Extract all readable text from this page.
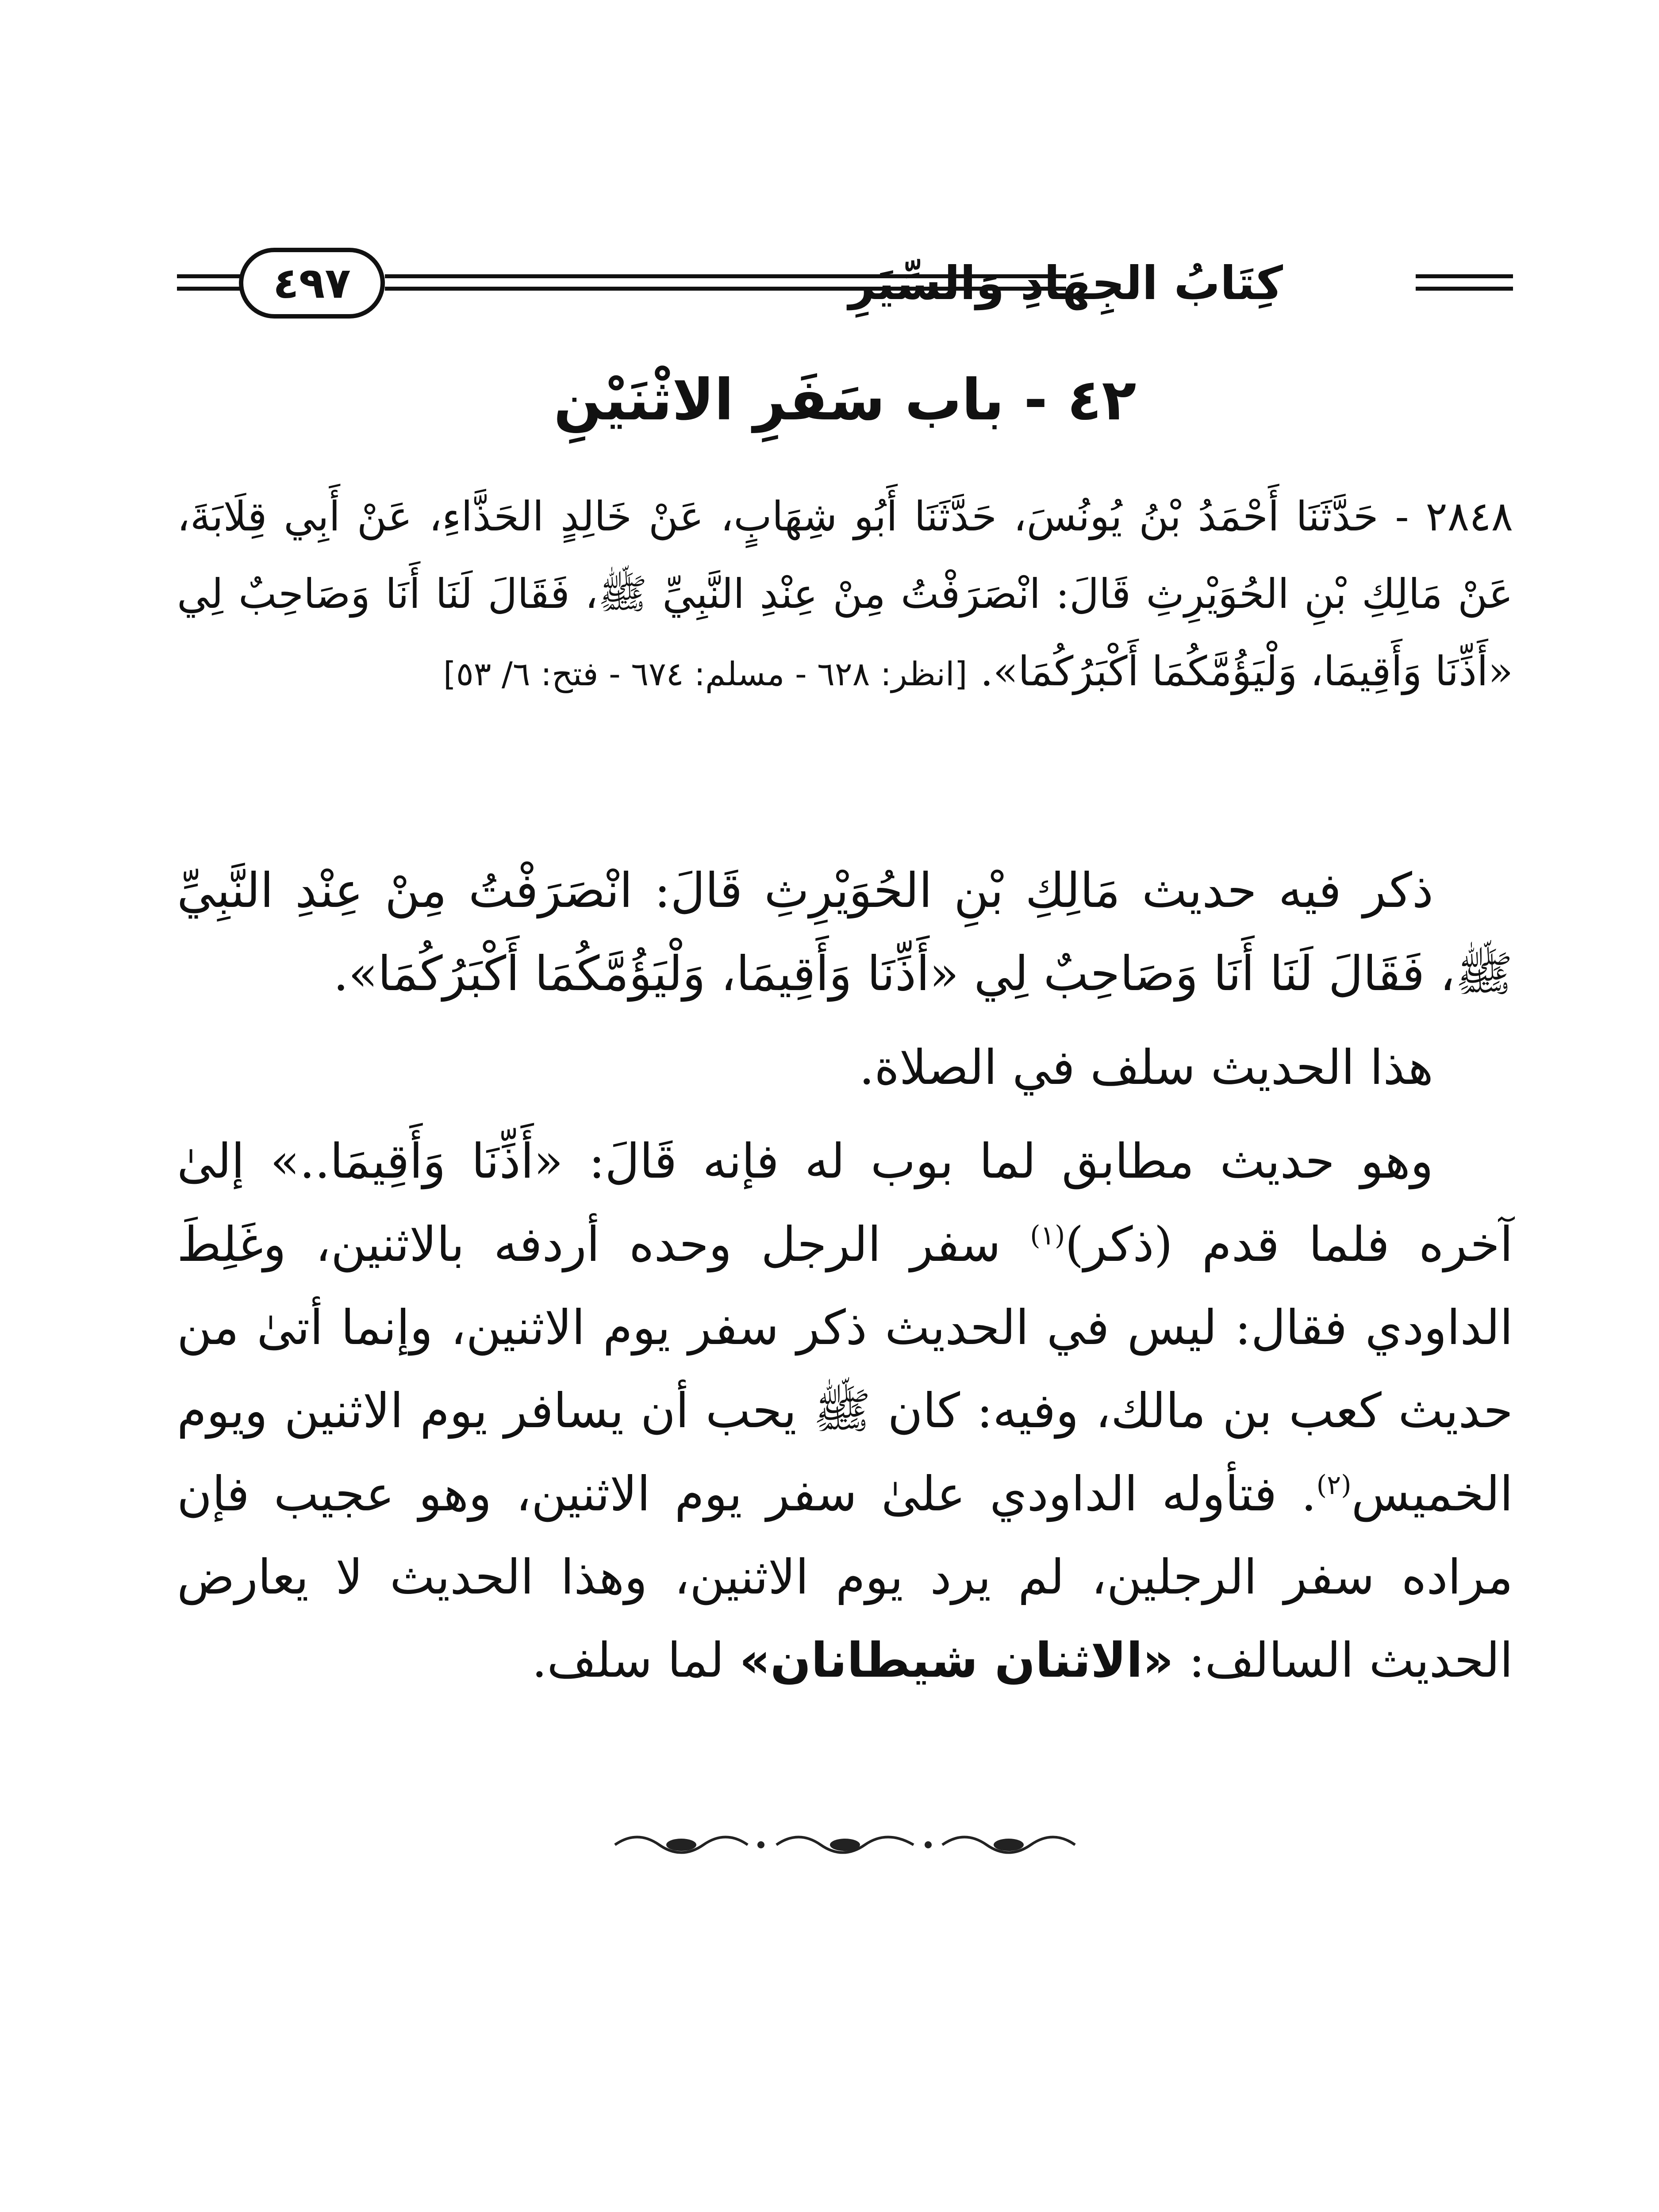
كِتَابُ الجِهَادِ وَالسِّيَرِ
٤٩٧
٤٢ - باب سَفَرِ الاثْنَيْنِ
٢٨٤٨ - حَدَّثَنَا أَحْمَدُ بْنُ يُونُسَ، حَدَّثَنَا أَبُو شِهَابٍ، عَنْ خَالِدٍ الحَذَّاءِ، عَنْ أَبِي قِلَابَةَ، عَنْ مَالِكِ بْنِ الحُوَيْرِثِ قَالَ: انْصَرَفْتُ مِنْ عِنْدِ النَّبِيِّ ﷺ، فَقَالَ لَنَا أَنَا وَصَاحِبٌ لِي «أَذِّنَا وَأَقِيمَا، وَلْيَؤُمَّكُمَا أَكْبَرُكُمَا». [انظر: ٦٢٨ - مسلم: ٦٧٤ - فتح: ٦/ ٥٣]

ذكر فيه حديث مَالِكِ بْنِ الحُوَيْرِثِ قَالَ: انْصَرَفْتُ مِنْ عِنْدِ النَّبِيِّ ﷺ، فَقَالَ لَنَا أَنَا وَصَاحِبٌ لِي «أَذِّنَا وَأَقِيمَا، وَلْيَؤُمَّكُمَا أَكْبَرُكُمَا».

هذا الحديث سلف في الصلاة.

وهو حديث مطابق لما بوب له فإنه قَالَ: «أَذِّنَا وَأَقِيمَا..» إلىٰ آخره فلما قدم (ذكر)$^{(١)}$ سفر الرجل وحده أردفه بالاثنين، وغَلِطَ الداودي فقال: ليس في الحديث ذكر سفر يوم الاثنين، وإنما أتىٰ من حديث كعب بن مالك، وفيه: كان ﷺ يحب أن يسافر يوم الاثنين ويوم الخميس$^{(٢)}$. فتأوله الداودي علىٰ سفر يوم الاثنين، وهو عجيب فإن مراده سفر الرجلين، لم يرد يوم الاثنين، وهذا الحديث لا يعارض الحديث السالف: «الاثنان شيطانان» لما سلف.
